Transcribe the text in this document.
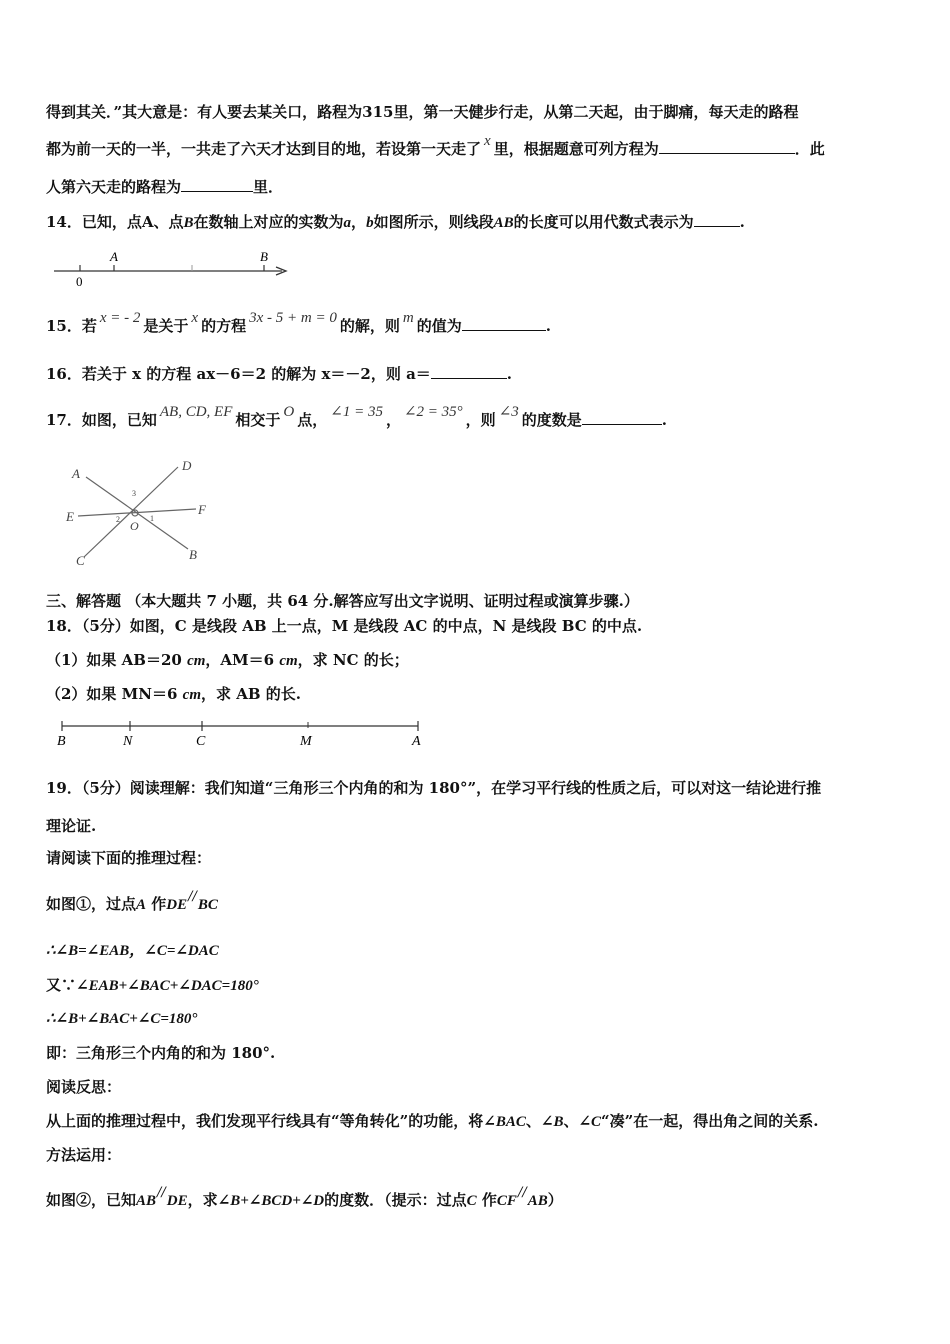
得到其关．”其大意是：有人要去某关口，路程为315里，第一天健步行走，从第二天起，由于脚痛，每天走的路程
都为前一天的一半，一共走了六天才达到目的地，若设第一天走了 x 里，根据题意可列方程为	．此
人第六天走的路程为	里．
14．已知，点A、点B在数轴上对应的实数为a，b如图所示，则线段AB的长度可以用代数式表示为	.
0
A	B
15．若 x = - 2 是关于 x 的方程 3x - 5 + m = 0 的解，则 m 的值为	.
16．若关于 x 的方程 ax－6＝2 的解为 x＝－2，则 a＝	.
17．如图，已知 AB, CD, EF 相交于 O 点， ∠1 = 35 ， ∠2 = 35° ，则 ∠3 的度数是	.
A
D
E	F
C	B
O
3
2	1
三、解答题 （本大题共 7 小题，共 64 分.解答应写出文字说明、证明过程或演算步骤.）
18．（5分）如图，C 是线段 AB 上一点，M 是线段 AC 的中点，N 是线段 BC 的中点.
（1）如果 AB＝20 cm，AM＝6 cm，求 NC 的长；
（2）如果 MN＝6 cm，求 AB 的长.
B	N	C	M	A
19．（5分）阅读理解：我们知道“三角形三个内角的和为 180°”，在学习平行线的性质之后，可以对这一结论进行推
理论证.
请阅读下面的推理过程：
如图①，过点A 作DE//BC
∴∠B=∠EAB，∠C=∠DAC
又∵∠EAB+∠BAC+∠DAC=180°
∴∠B+∠BAC+∠C=180°
即：三角形三个内角的和为 180°.
阅读反思：
从上面的推理过程中，我们发现平行线具有“等角转化”的功能，将∠BAC、∠B、∠C“凑”在一起，得出角之间的关系.
方法运用：
如图②，已知AB//DE，求∠B+∠BCD+∠D的度数．（提示：过点C 作CF//AB）
